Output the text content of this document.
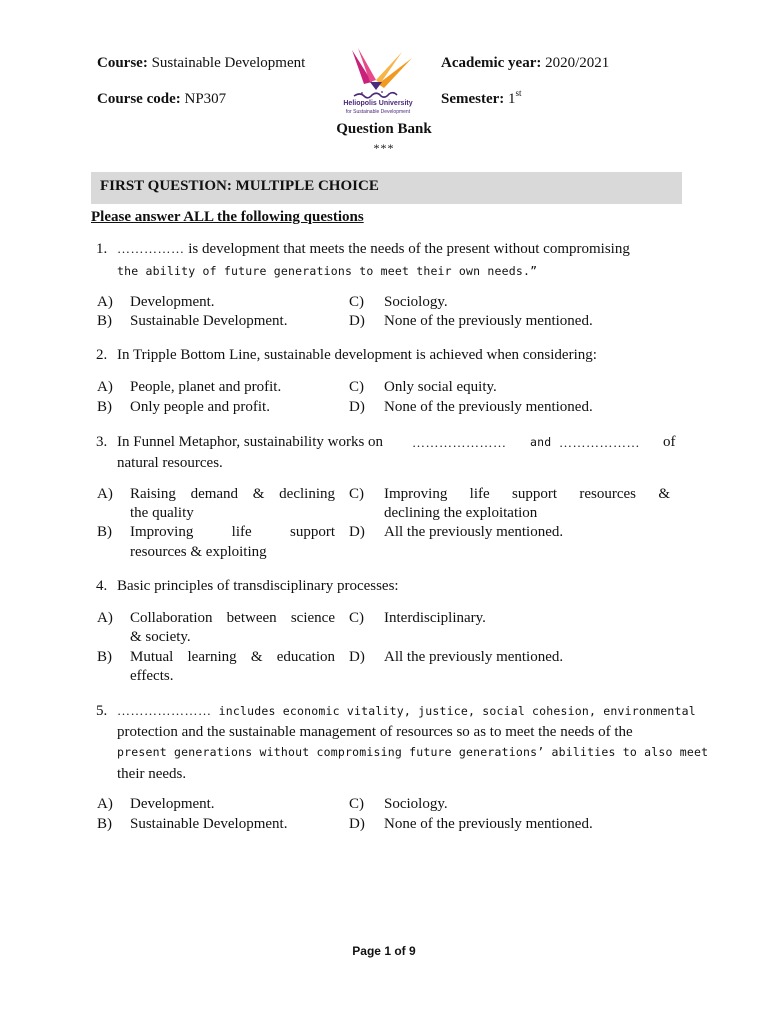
Course: Sustainable Development
Course code: NP307
Academic year: 2020/2021
Semester: 1st
Heliopolis University
for Sustainable Development
Question Bank
***
FIRST QUESTION: MULTIPLE CHOICE
Please answer ALL the following questions
1. …………… is development that meets the needs of the present without compromising
the ability of future generations to meet their own needs.”
A) Development.
B) Sustainable Development.
C) Sociology.
D) None of the previously mentioned.
2. In Tripple Bottom Line, sustainable development is achieved when considering:
A) People, planet and profit.
B) Only people and profit.
C) Only social equity.
D) None of the previously mentioned.
3. In Funnel Metaphor, sustainability works on ………………… and ……………… of
natural resources.
A) Raising demand & declining
the quality
B) Improving life support
resources & exploiting
C) Improving life support resources &
declining the exploitation
D) All the previously mentioned.
4. Basic principles of transdisciplinary processes:
A) Collaboration between science
& society.
B) Mutual learning & education
effects.
C) Interdisciplinary.
D) All the previously mentioned.
5. ………………… includes economic vitality, justice, social cohesion, environmental
protection and the sustainable management of resources so as to meet the needs of the
present generations without compromising future generations’ abilities to also meet
their needs.
A) Development.
B) Sustainable Development.
C) Sociology.
D) None of the previously mentioned.
Page 1 of 9
